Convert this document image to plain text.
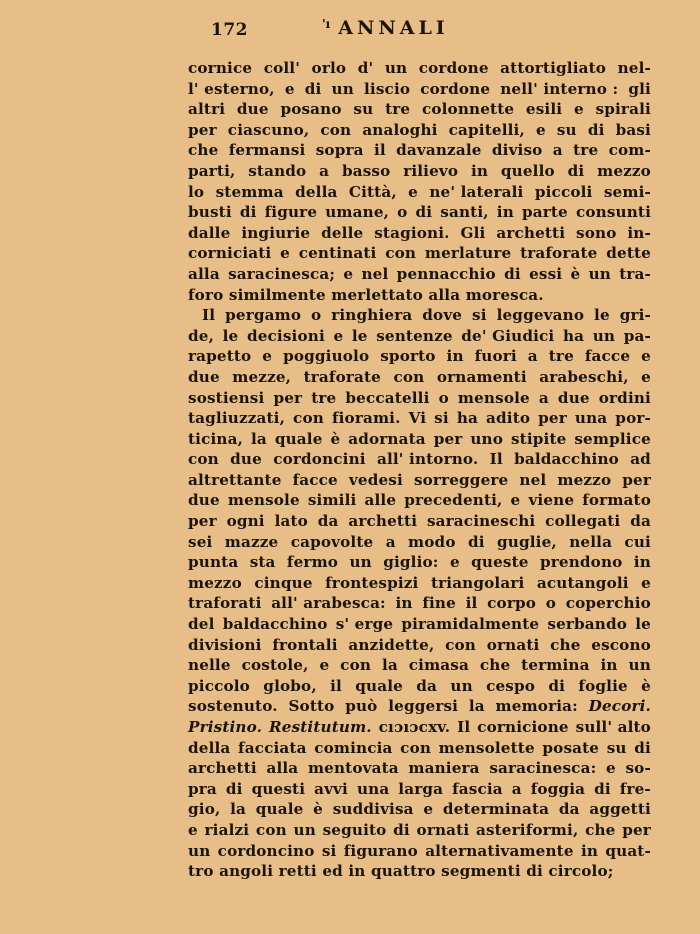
172	$^{'ı}$ ANNALI
cornice coll' orlo d' un cordone attortigliato nel-
l' esterno, e di un liscio cordone nell' interno : gli
altri due posano su tre colonnette esili e spirali
per ciascuno, con analoghi capitelli, e su di basi
che fermansi sopra il davanzale diviso a tre com-
parti, stando a basso rilievo in quello di mezzo
lo stemma della Città, e ne' laterali piccoli semi-
busti di figure umane, o di santi, in parte consunti
dalle ingiurie delle stagioni. Gli archetti sono in-
corniciati e centinati con merlature traforate dette
alla saracinesca; e nel pennacchio di essi è un tra-
foro similmente merlettato alla moresca.
Il pergamo o ringhiera dove si leggevano le gri-
de, le decisioni e le sentenze de' Giudici ha un pa-
rapetto e poggiuolo sporto in fuori a tre facce e
due mezze, traforate con ornamenti arabeschi, e
sostiensi per tre beccatelli o mensole a due ordini
tagliuzzati, con fiorami. Vi si ha adito per una por-
ticina, la quale è adornata per uno stipite semplice
con due cordoncini all' intorno. Il baldacchino ad
altrettante facce vedesi sorreggere nel mezzo per
due mensole simili alle precedenti, e viene formato
per ogni lato da archetti saracineschi collegati da
sei mazze capovolte a modo di guglie, nella cui
punta sta fermo un giglio: e queste prendono in
mezzo cinque frontespizi triangolari acutangoli e
traforati all' arabesca: in fine il corpo o coperchio
del baldacchino s' erge piramidalmente serbando le
divisioni frontali anzidette, con ornati che escono
nelle costole, e con la cimasa che termina in un
piccolo globo, il quale da un cespo di foglie è
sostenuto. Sotto può leggersi la memoria: Decori.
Pristino. Restitutum. cıɔıɔcxv. Il cornicione sull' alto
della facciata comincia con mensolette posate su di
archetti alla mentovata maniera saracinesca: e so-
pra di questi avvi una larga fascia a foggia di fre-
gio, la quale è suddivisa e determinata da aggetti
e rialzi con un seguito di ornati asteriformi, che per
un cordoncino si figurano alternativamente in quat-
tro angoli retti ed in quattro segmenti di circolo;
